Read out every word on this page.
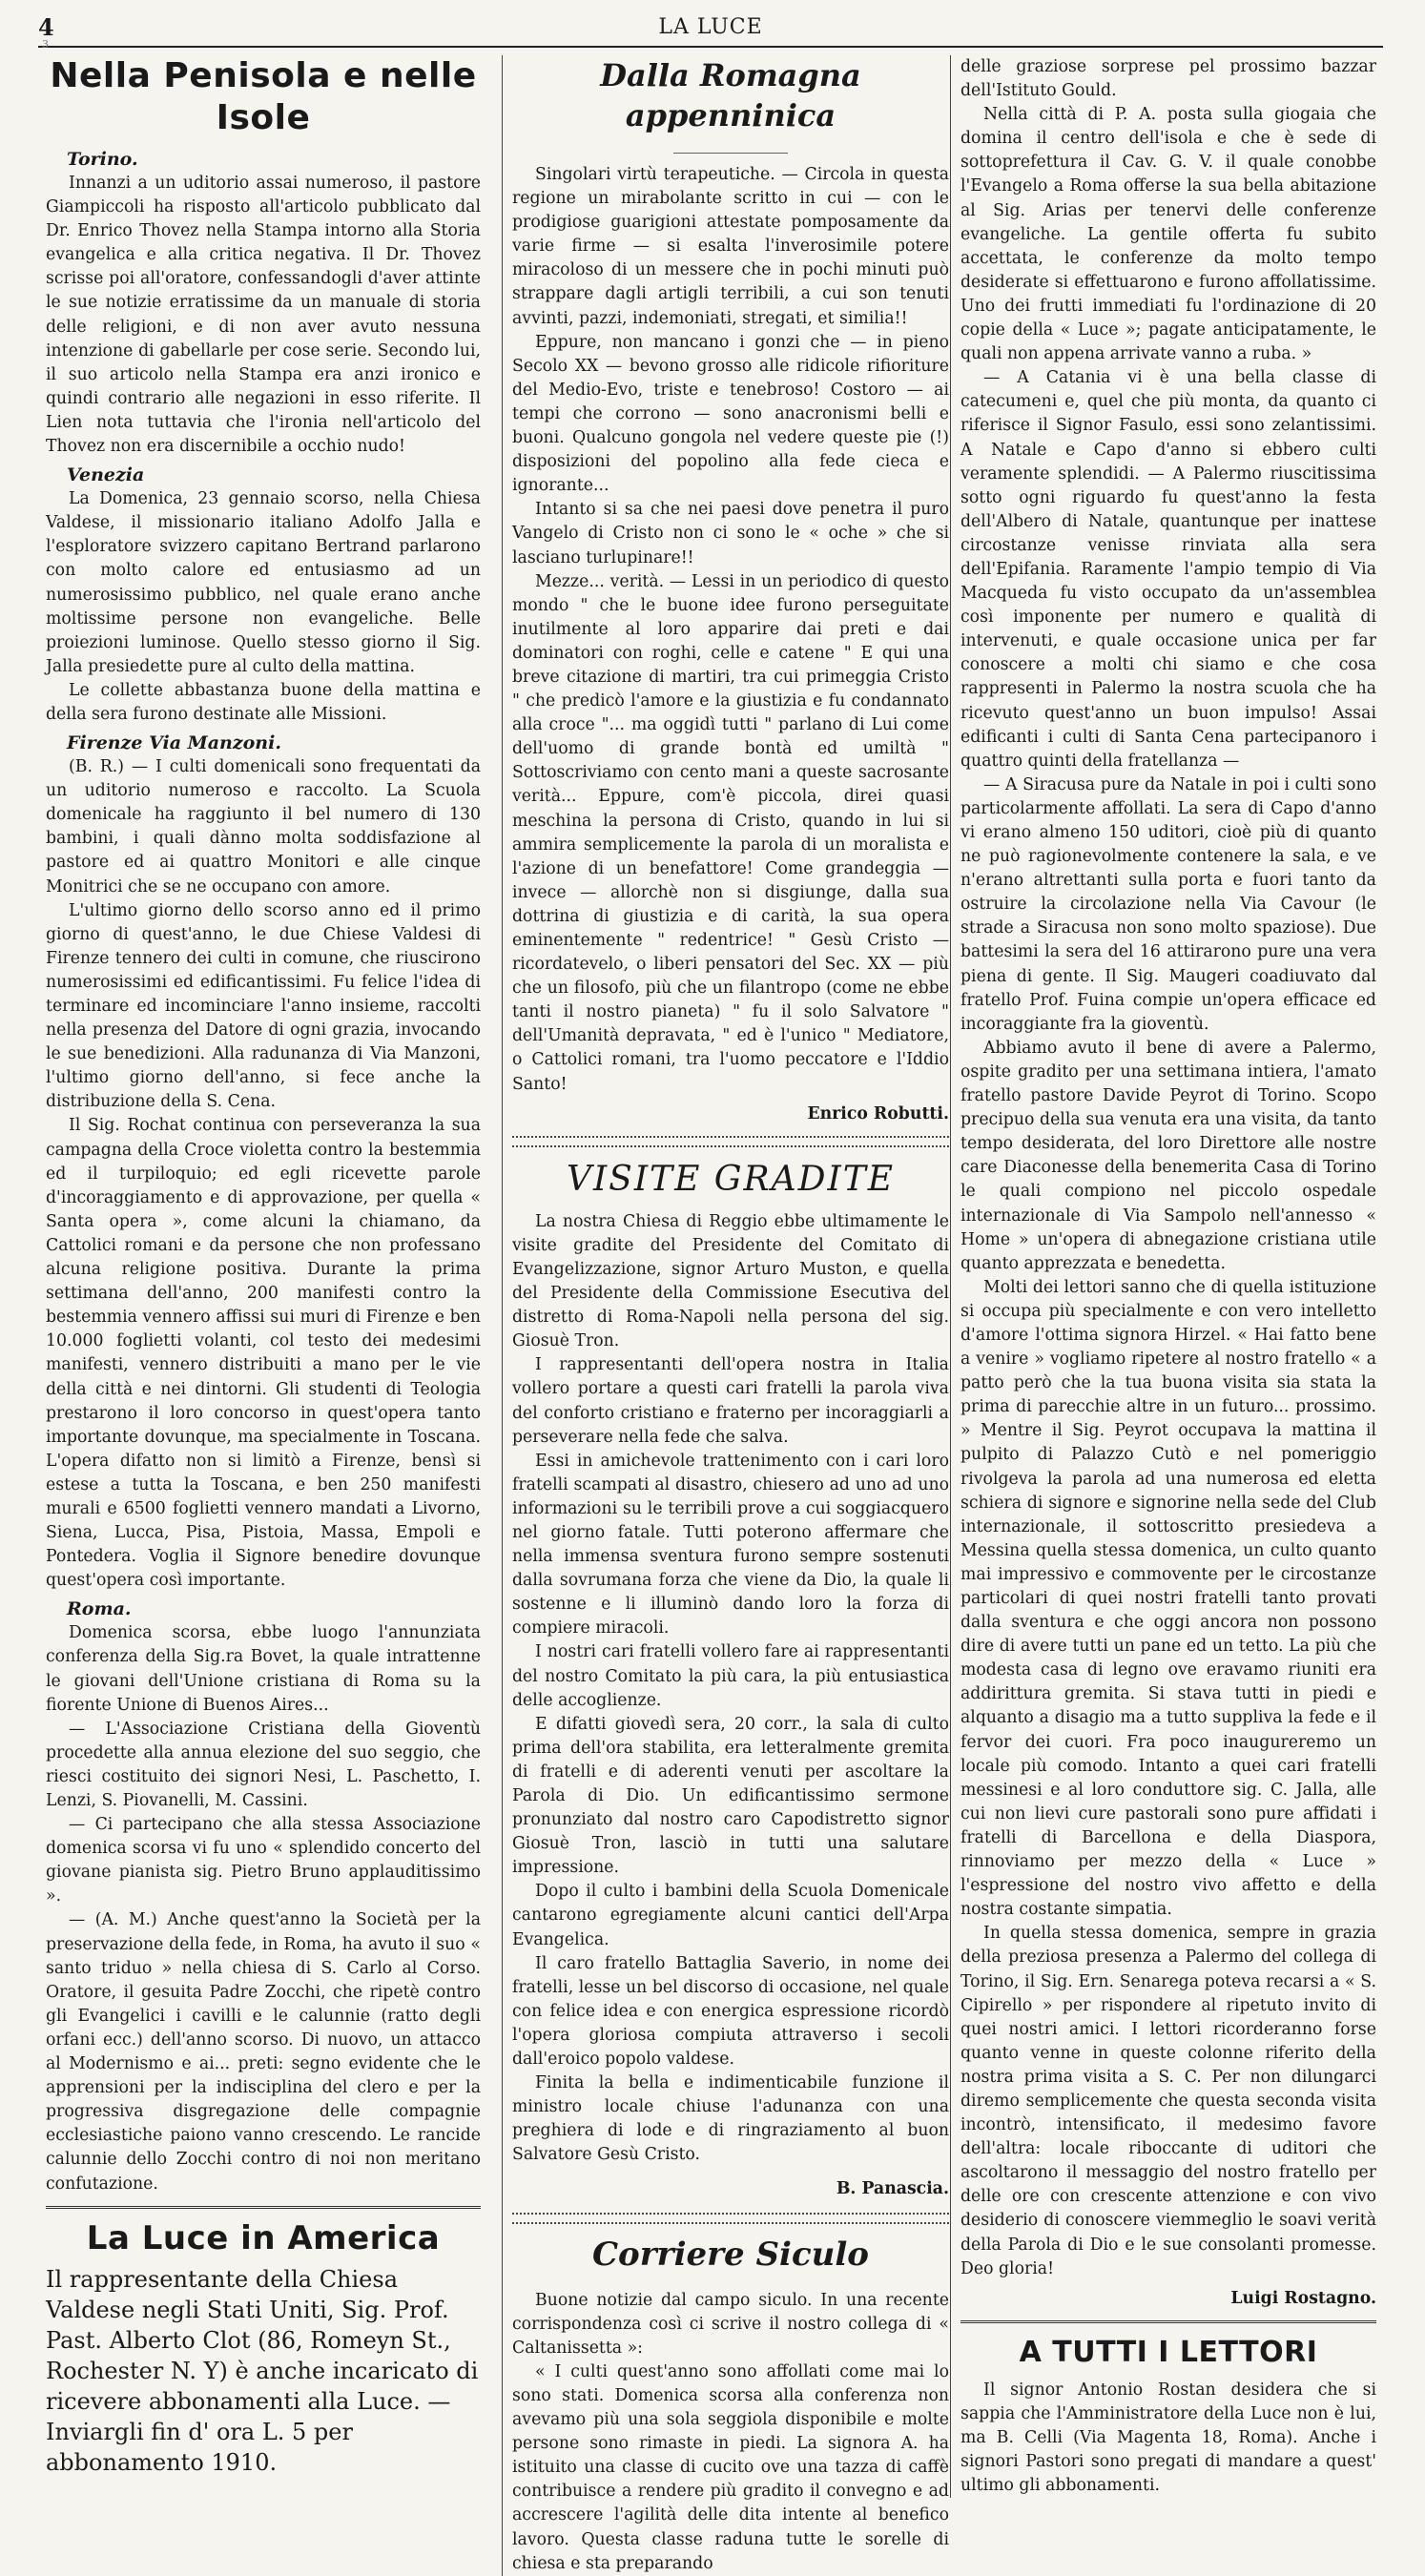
4
3
LA LUCE
Nella Penisola e nelle Isole
Torino.

Innanzi a un uditorio assai numeroso, il pastore Giampiccoli ha risposto all'articolo pubblicato dal Dr. Enrico Thovez nella Stampa intorno alla Storia evangelica e alla critica negativa. Il Dr. Thovez scrisse poi all'oratore, confessandogli d'aver attinte le sue notizie erratissime da un manuale di storia delle religioni, e di non aver avuto nessuna intenzione di gabellarle per cose serie. Secondo lui, il suo articolo nella Stampa era anzi ironico e quindi contrario alle negazioni in esso riferite. Il Lien nota tuttavia che l'ironia nell'articolo del Thovez non era discernibile a occhio nudo!

Venezia

La Domenica, 23 gennaio scorso, nella Chiesa Valdese, il missionario italiano Adolfo Jalla e l'esploratore svizzero capitano Bertrand parlarono con molto calore ed entusiasmo ad un numerosissimo pubblico, nel quale erano anche moltissime persone non evangeliche. Belle proiezioni luminose. Quello stesso giorno il Sig. Jalla presiedette pure al culto della mattina.

Le collette abbastanza buone della mattina e della sera furono destinate alle Missioni.

Firenze Via Manzoni.

(B. R.) — I culti domenicali sono frequentati da un uditorio numeroso e raccolto. La Scuola domenicale ha raggiunto il bel numero di 130 bambini, i quali dànno molta soddisfazione al pastore ed ai quattro Monitori e alle cinque Monitrici che se ne occupano con amore.

L'ultimo giorno dello scorso anno ed il primo giorno di quest'anno, le due Chiese Valdesi di Firenze tennero dei culti in comune, che riuscirono numerosissimi ed edificantissimi. Fu felice l'idea di terminare ed incominciare l'anno insieme, raccolti nella presenza del Datore di ogni grazia, invocando le sue benedizioni. Alla radunanza di Via Manzoni, l'ultimo giorno dell'anno, si fece anche la distribuzione della S. Cena.

Il Sig. Rochat continua con perseveranza la sua campagna della Croce violetta contro la bestemmia ed il turpiloquio; ed egli ricevette parole d'incoraggiamento e di approvazione, per quella « Santa opera », come alcuni la chiamano, da Cattolici romani e da persone che non professano alcuna religione positiva. Durante la prima settimana dell'anno, 200 manifesti contro la bestemmia vennero affissi sui muri di Firenze e ben 10.000 foglietti volanti, col testo dei medesimi manifesti, vennero distribuiti a mano per le vie della città e nei dintorni. Gli studenti di Teologia prestarono il loro concorso in quest'opera tanto importante dovunque, ma specialmente in Toscana. L'opera difatto non si limitò a Firenze, bensì si estese a tutta la Toscana, e ben 250 manifesti murali e 6500 foglietti vennero mandati a Livorno, Siena, Lucca, Pisa, Pistoia, Massa, Empoli e Pontedera. Voglia il Signore benedire dovunque quest'opera così importante.

Roma.

Domenica scorsa, ebbe luogo l'annunziata conferenza della Sig.ra Bovet, la quale intrattenne le giovani dell'Unione cristiana di Roma su la fiorente Unione di Buenos Aires...

— L'Associazione Cristiana della Gioventù procedette alla annua elezione del suo seggio, che riesci costituito dei signori Nesi, L. Paschetto, I. Lenzi, S. Piovanelli, M. Cassini.

— Ci partecipano che alla stessa Associazione domenica scorsa vi fu uno « splendido concerto del giovane pianista sig. Pietro Bruno applauditissimo ».

— (A. M.) Anche quest'anno la Società per la preservazione della fede, in Roma, ha avuto il suo « santo triduo » nella chiesa di S. Carlo al Corso. Oratore, il gesuita Padre Zocchi, che ripetè contro gli Evangelici i cavilli e le calunnie (ratto degli orfani ecc.) dell'anno scorso. Di nuovo, un attacco al Modernismo e ai... preti: segno evidente che le apprensioni per la indisciplina del clero e per la progressiva disgregazione delle compagnie ecclesiastiche paiono vanno crescendo. Le rancide calunnie dello Zocchi contro di noi non meritano confutazione.

La Luce in America

Il rappresentante della Chiesa Valdese negli Stati Uniti, Sig. Prof. Past. Alberto Clot (86, Romeyn St., Rochester N. Y) è anche incaricato di ricevere abbonamenti alla Luce. — Inviargli fin d' ora L. 5 per abbonamento 1910.

Dalla Romagna appenninica

Singolari virtù terapeutiche. — Circola in questa regione un mirabolante scritto in cui — con le prodigiose guarigioni attestate pomposamente da varie firme — si esalta l'inverosimile potere miracoloso di un messere che in pochi minuti può strappare dagli artigli terribili, a cui son tenuti avvinti, pazzi, indemoniati, stregati, et similia!!

Eppure, non mancano i gonzi che — in pieno Secolo XX — bevono grosso alle ridicole rifioriture del Medio-Evo, triste e tenebroso! Costoro — ai tempi che corrono — sono anacronismi belli e buoni. Qualcuno gongola nel vedere queste pie (!) disposizioni del popolino alla fede cieca e ignorante...

Intanto si sa che nei paesi dove penetra il puro Vangelo di Cristo non ci sono le « oche » che si lasciano turlupinare!!

Mezze... verità. — Lessi in un periodico di questo mondo " che le buone idee furono perseguitate inutilmente al loro apparire dai preti e dai dominatori con roghi, celle e catene " E qui una breve citazione di martiri, tra cui primeggia Cristo " che predicò l'amore e la giustizia e fu condannato alla croce "... ma oggidì tutti " parlano di Lui come dell'uomo di grande bontà ed umiltà " Sottoscriviamo con cento mani a queste sacrosante verità... Eppure, com'è piccola, direi quasi meschina la persona di Cristo, quando in lui si ammira semplicemente la parola di un moralista e l'azione di un benefattore! Come grandeggia — invece — allorchè non si disgiunge, dalla sua dottrina di giustizia e di carità, la sua opera eminentemente " redentrice! " Gesù Cristo — ricordatevelo, o liberi pensatori del Sec. XX — più che un filosofo, più che un filantropo (come ne ebbe tanti il nostro pianeta) " fu il solo Salvatore " dell'Umanità depravata, " ed è l'unico " Mediatore, o Cattolici romani, tra l'uomo peccatore e l'Iddio Santo!

Enrico Robutti.
VISITE GRADITE

La nostra Chiesa di Reggio ebbe ultimamente le visite gradite del Presidente del Comitato di Evangelizzazione, signor Arturo Muston, e quella del Presidente della Commissione Esecutiva del distretto di Roma-Napoli nella persona del sig. Giosuè Tron.

I rappresentanti dell'opera nostra in Italia vollero portare a questi cari fratelli la parola viva del conforto cristiano e fraterno per incoraggiarli a perseverare nella fede che salva.

Essi in amichevole trattenimento con i cari loro fratelli scampati al disastro, chiesero ad uno ad uno informazioni su le terribili prove a cui soggiacquero nel giorno fatale. Tutti poterono affermare che nella immensa sventura furono sempre sostenuti dalla sovrumana forza che viene da Dio, la quale li sostenne e li illuminò dando loro la forza di compiere miracoli.

I nostri cari fratelli vollero fare ai rappresentanti del nostro Comitato la più cara, la più entusiastica delle accoglienze.

E difatti giovedì sera, 20 corr., la sala di culto prima dell'ora stabilita, era letteralmente gremita di fratelli e di aderenti venuti per ascoltare la Parola di Dio. Un edificantissimo sermone pronunziato dal nostro caro Capodistretto signor Giosuè Tron, lasciò in tutti una salutare impressione.

Dopo il culto i bambini della Scuola Domenicale cantarono egregiamente alcuni cantici dell'Arpa Evangelica.

Il caro fratello Battaglia Saverio, in nome dei fratelli, lesse un bel discorso di occasione, nel quale con felice idea e con energica espressione ricordò l'opera gloriosa compiuta attraverso i secoli dall'eroico popolo valdese.

Finita la bella e indimenticabile funzione il ministro locale chiuse l'adunanza con una preghiera di lode e di ringraziamento al buon Salvatore Gesù Cristo.

B. Panascia.
Corriere Siculo

Buone notizie dal campo siculo. In una recente corrispondenza così ci scrive il nostro collega di « Caltanissetta »:

« I culti quest'anno sono affollati come mai lo sono stati. Domenica scorsa alla conferenza non avevamo più una sola seggiola disponibile e molte persone sono rimaste in piedi. La signora A. ha istituito una classe di cucito ove una tazza di caffè contribuisce a rendere più gradito il convegno e ad accrescere l'agilità delle dita intente al benefico lavoro. Questa classe raduna tutte le sorelle di chiesa e sta preparando

delle graziose sorprese pel prossimo bazzar dell'Istituto Gould.

Nella città di P. A. posta sulla giogaia che domina il centro dell'isola e che è sede di sottoprefettura il Cav. G. V. il quale conobbe l'Evangelo a Roma offerse la sua bella abitazione al Sig. Arias per tenervi delle conferenze evangeliche. La gentile offerta fu subito accettata, le conferenze da molto tempo desiderate si effettuarono e furono affollatissime. Uno dei frutti immediati fu l'ordinazione di 20 copie della « Luce »; pagate anticipatamente, le quali non appena arrivate vanno a ruba. »

— A Catania vi è una bella classe di catecumeni e, quel che più monta, da quanto ci riferisce il Signor Fasulo, essi sono zelantissimi. A Natale e Capo d'anno si ebbero culti veramente splendidi. — A Palermo riuscitissima sotto ogni riguardo fu quest'anno la festa dell'Albero di Natale, quantunque per inattese circostanze venisse rinviata alla sera dell'Epifania. Raramente l'ampio tempio di Via Macqueda fu visto occupato da un'assemblea così imponente per numero e qualità di intervenuti, e quale occasione unica per far conoscere a molti chi siamo e che cosa rappresenti in Palermo la nostra scuola che ha ricevuto quest'anno un buon impulso! Assai edificanti i culti di Santa Cena partecipanoro i quattro quinti della fratellanza —

— A Siracusa pure da Natale in poi i culti sono particolarmente affollati. La sera di Capo d'anno vi erano almeno 150 uditori, cioè più di quanto ne può ragionevolmente contenere la sala, e ve n'erano altrettanti sulla porta e fuori tanto da ostruire la circolazione nella Via Cavour (le strade a Siracusa non sono molto spaziose). Due battesimi la sera del 16 attirarono pure una vera piena di gente. Il Sig. Maugeri coadiuvato dal fratello Prof. Fuina compie un'opera efficace ed incoraggiante fra la gioventù.

Abbiamo avuto il bene di avere a Palermo, ospite gradito per una settimana intiera, l'amato fratello pastore Davide Peyrot di Torino. Scopo precipuo della sua venuta era una visita, da tanto tempo desiderata, del loro Direttore alle nostre care Diaconesse della benemerita Casa di Torino le quali compiono nel piccolo ospedale internazionale di Via Sampolo nell'annesso « Home » un'opera di abnegazione cristiana utile quanto apprezzata e benedetta.

Molti dei lettori sanno che di quella istituzione si occupa più specialmente e con vero intelletto d'amore l'ottima signora Hirzel. « Hai fatto bene a venire » vogliamo ripetere al nostro fratello « a patto però che la tua buona visita sia stata la prima di parecchie altre in un futuro... prossimo. » Mentre il Sig. Peyrot occupava la mattina il pulpito di Palazzo Cutò e nel pomeriggio rivolgeva la parola ad una numerosa ed eletta schiera di signore e signorine nella sede del Club internazionale, il sottoscritto presiedeva a Messina quella stessa domenica, un culto quanto mai impressivo e commovente per le circostanze particolari di quei nostri fratelli tanto provati dalla sventura e che oggi ancora non possono dire di avere tutti un pane ed un tetto. La più che modesta casa di legno ove eravamo riuniti era addirittura gremita. Si stava tutti in piedi e alquanto a disagio ma a tutto suppliva la fede e il fervor dei cuori. Fra poco inaugureremo un locale più comodo. Intanto a quei cari fratelli messinesi e al loro conduttore sig. C. Jalla, alle cui non lievi cure pastorali sono pure affidati i fratelli di Barcellona e della Diaspora, rinnoviamo per mezzo della « Luce » l'espressione del nostro vivo affetto e della nostra costante simpatia.

In quella stessa domenica, sempre in grazia della preziosa presenza a Palermo del collega di Torino, il Sig. Ern. Senarega poteva recarsi a « S. Cipirello » per rispondere al ripetuto invito di quei nostri amici. I lettori ricorderanno forse quanto venne in queste colonne riferito della nostra prima visita a S. C. Per non dilungarci diremo semplicemente che questa seconda visita incontrò, intensificato, il medesimo favore dell'altra: locale riboccante di uditori che ascoltarono il messaggio del nostro fratello per delle ore con crescente attenzione e con vivo desiderio di conoscere viemmeglio le soavi verità della Parola di Dio e le sue consolanti promesse. Deo gloria!

Luigi Rostagno.
A TUTTI I LETTORI

Il signor Antonio Rostan desidera che si sappia che l'Amministratore della Luce non è lui, ma B. Celli (Via Magenta 18, Roma). Anche i signori Pastori sono pregati di mandare a quest' ultimo gli abbonamenti.
